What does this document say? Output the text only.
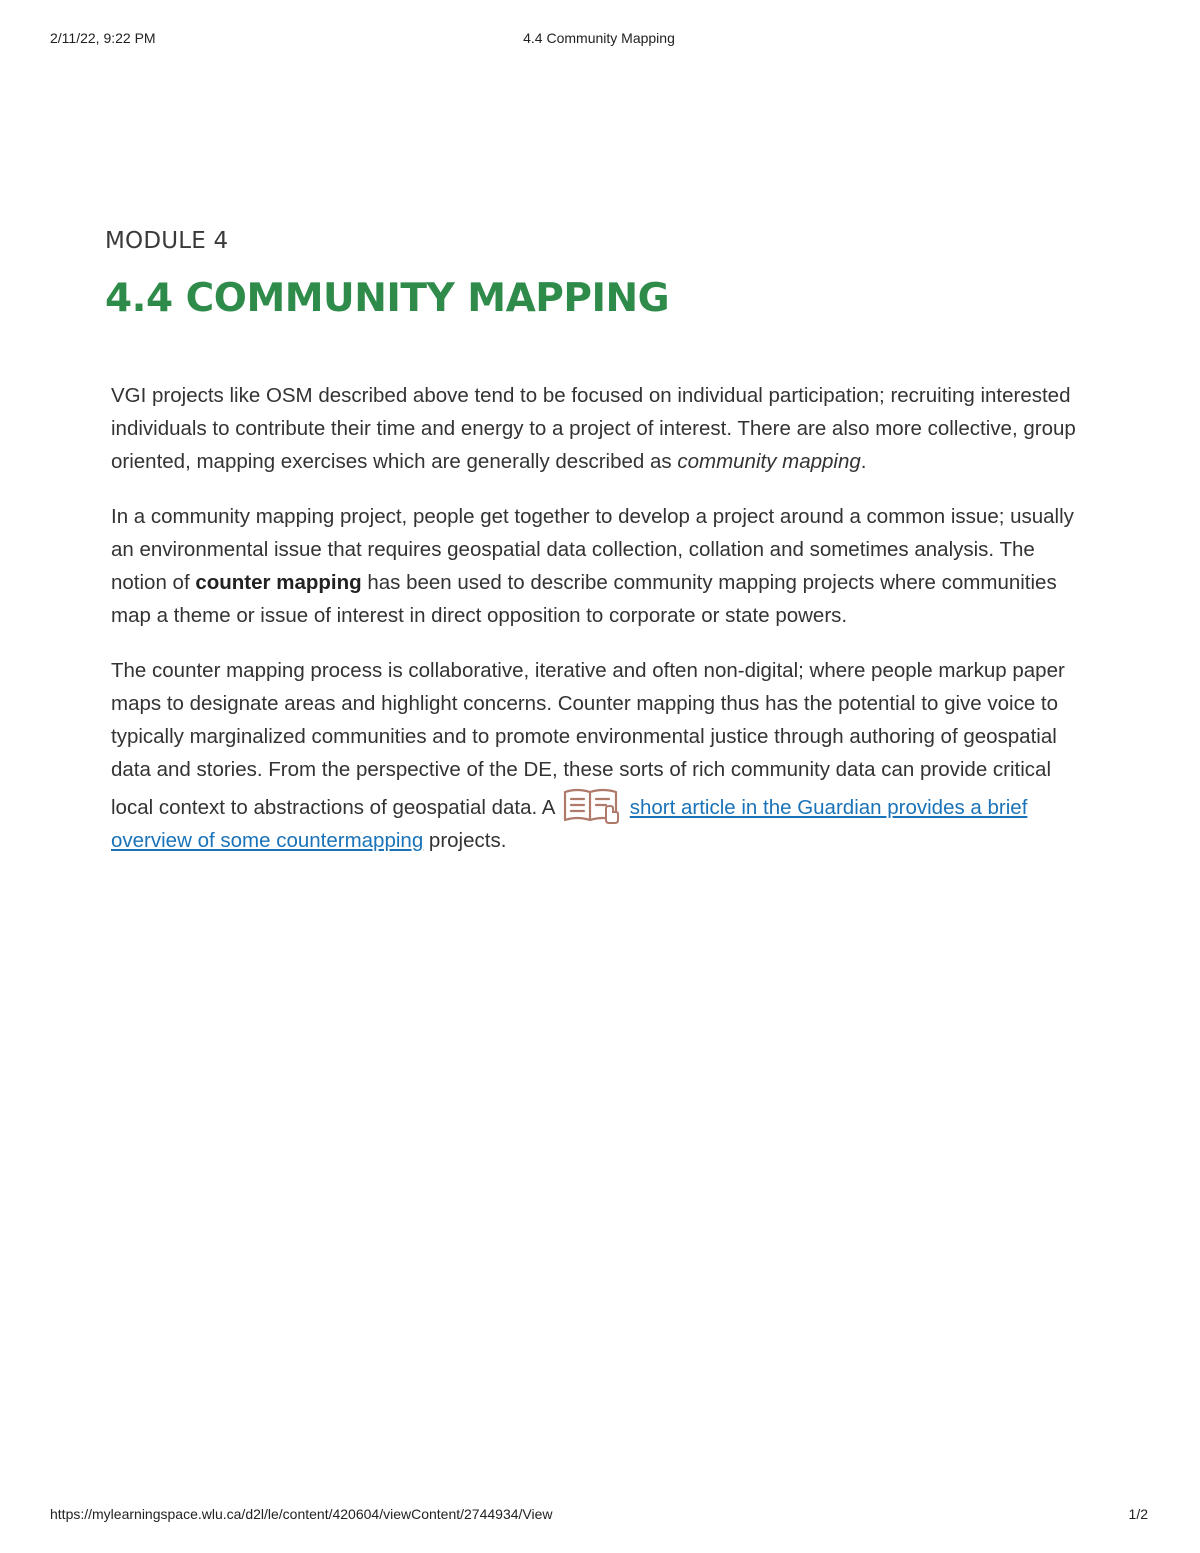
2/11/22, 9:22 PM	4.4 Community Mapping
MODULE 4
4.4 COMMUNITY MAPPING

VGI projects like OSM described above tend to be focused on individual participation; recruiting interested individuals to contribute their time and energy to a project of interest. There are also more collective, group oriented, mapping exercises which are generally described as community mapping.

In a community mapping project, people get together to develop a project around a common issue; usually an environmental issue that requires geospatial data collection, collation and sometimes analysis. The notion of counter mapping has been used to describe community mapping projects where communities map a theme or issue of interest in direct opposition to corporate or state powers.

The counter mapping process is collaborative, iterative and often non-digital; where people markup paper maps to designate areas and highlight concerns. Counter mapping thus has the potential to give voice to typically marginalized communities and to promote environmental justice through authoring of geospatial data and stories. From the perspective of the DE, these sorts of rich community data can provide critical local context to abstractions of geospatial data. A	short article in the Guardian provides a brief overview of some countermapping projects.

https://mylearningspace.wlu.ca/d2l/le/content/420604/viewContent/2744934/View	1/2
